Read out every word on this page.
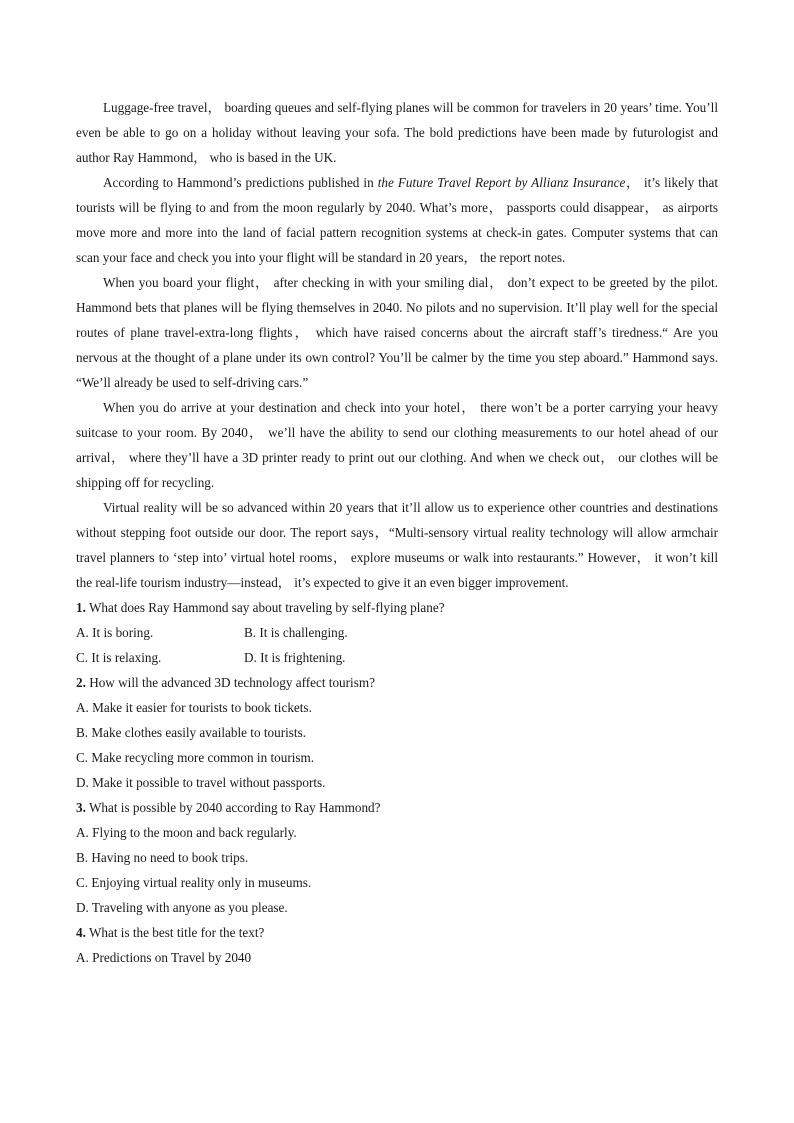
Luggage-free travel， boarding queues and self-flying planes will be common for travelers in 20 years’ time. You’ll even be able to go on a holiday without leaving your sofa. The bold predictions have been made by futurologist and author Ray Hammond， who is based in the UK.

According to Hammond’s predictions published in the Future Travel Report by Allianz Insurance， it’s likely that tourists will be flying to and from the moon regularly by 2040. What’s more， passports could disappear， as airports move more and more into the land of facial pattern recognition systems at check-in gates. Computer systems that can scan your face and check you into your flight will be standard in 20 years， the report notes.

When you board your flight， after checking in with your smiling dial， don’t expect to be greeted by the pilot. Hammond bets that planes will be flying themselves in 2040. No pilots and no supervision. It’ll play well for the special routes of plane travel-extra-long flights， which have raised concerns about the aircraft staff’s tiredness.“ Are you nervous at the thought of a plane under its own control? You’ll be calmer by the time you step aboard.” Hammond says. “We’ll already be used to self-driving cars.”

When you do arrive at your destination and check into your hotel， there won’t be a porter carrying your heavy suitcase to your room. By 2040， we’ll have the ability to send our clothing measurements to our hotel ahead of our arrival， where they’ll have a 3D printer ready to print out our clothing. And when we check out， our clothes will be shipping off for recycling.

Virtual reality will be so advanced within 20 years that it’ll allow us to experience other countries and destinations without stepping foot outside our door. The report says，“Multi-sensory virtual reality technology will allow armchair travel planners to ‘step into’ virtual hotel rooms， explore museums or walk into restaurants.” However， it won’t kill the real-life tourism industry—instead， it’s expected to give it an even bigger improvement.

1. What does Ray Hammond say about traveling by self-flying plane?

A. It is boring.	B. It is challenging.
C. It is relaxing.	D. It is frightening.

2. How will the advanced 3D technology affect tourism?

A. Make it easier for tourists to book tickets.

B. Make clothes easily available to tourists.

C. Make recycling more common in tourism.

D. Make it possible to travel without passports.

3. What is possible by 2040 according to Ray Hammond?

A. Flying to the moon and back regularly.

B. Having no need to book trips.

C. Enjoying virtual reality only in museums.

D. Traveling with anyone as you please.

4. What is the best title for the text?

A. Predictions on Travel by 2040
